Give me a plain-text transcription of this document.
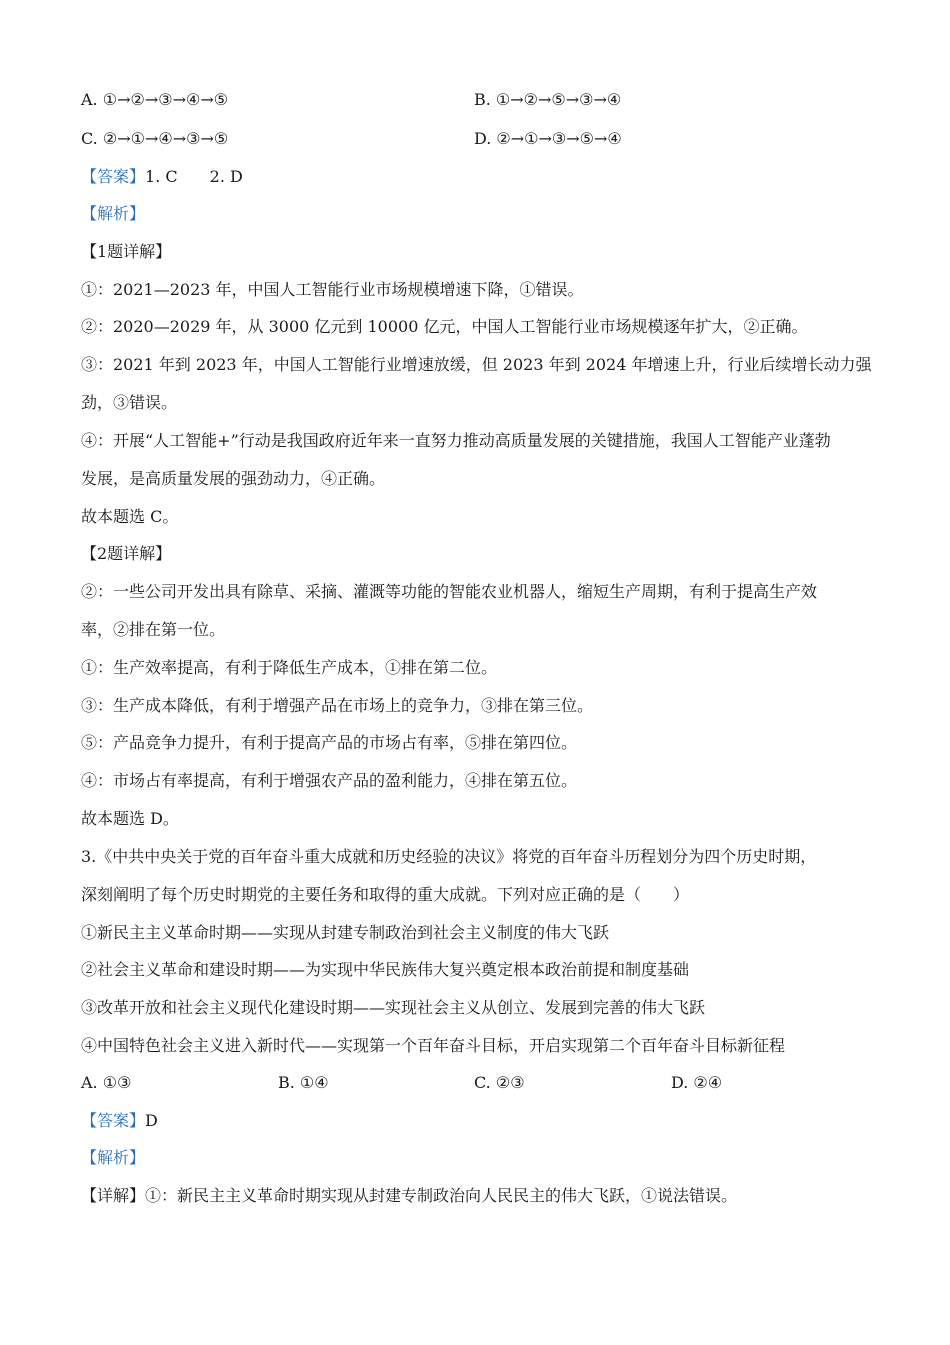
A. ①→②→③→④→⑤	B. ①→②→⑤→③→④
C. ②→①→④→③→⑤	D. ②→①→③→⑤→④
【答案】1. C　　2. D
【解析】
【1题详解】
①：2021—2023 年，中国人工智能行业市场规模增速下降，①错误。
②：2020—2029 年，从 3000 亿元到 10000 亿元，中国人工智能行业市场规模逐年扩大，②正确。
③：2021 年到 2023 年，中国人工智能行业增速放缓，但 2023 年到 2024 年增速上升，行业后续增长动力强
劲，③错误。
④：开展“人工智能+”行动是我国政府近年来一直努力推动高质量发展的关键措施，我国人工智能产业蓬勃
发展，是高质量发展的强劲动力，④正确。
故本题选 C。
【2题详解】
②：一些公司开发出具有除草、采摘、灌溉等功能的智能农业机器人，缩短生产周期，有利于提高生产效
率，②排在第一位。
①：生产效率提高，有利于降低生产成本，①排在第二位。
③：生产成本降低，有利于增强产品在市场上的竞争力，③排在第三位。
⑤：产品竞争力提升，有利于提高产品的市场占有率，⑤排在第四位。
④：市场占有率提高，有利于增强农产品的盈利能力，④排在第五位。
故本题选 D。
3.《中共中央关于党的百年奋斗重大成就和历史经验的决议》将党的百年奋斗历程划分为四个历史时期，
深刻阐明了每个历史时期党的主要任务和取得的重大成就。下列对应正确的是（　　）
①新民主主义革命时期——实现从封建专制政治到社会主义制度的伟大飞跃
②社会主义革命和建设时期——为实现中华民族伟大复兴奠定根本政治前提和制度基础
③改革开放和社会主义现代化建设时期——实现社会主义从创立、发展到完善的伟大飞跃
④中国特色社会主义进入新时代——实现第一个百年奋斗目标，开启实现第二个百年奋斗目标新征程
A. ①③	B. ①④	C. ②③	D. ②④
【答案】D
【解析】
【详解】①：新民主主义革命时期实现从封建专制政治向人民民主的伟大飞跃，①说法错误。
